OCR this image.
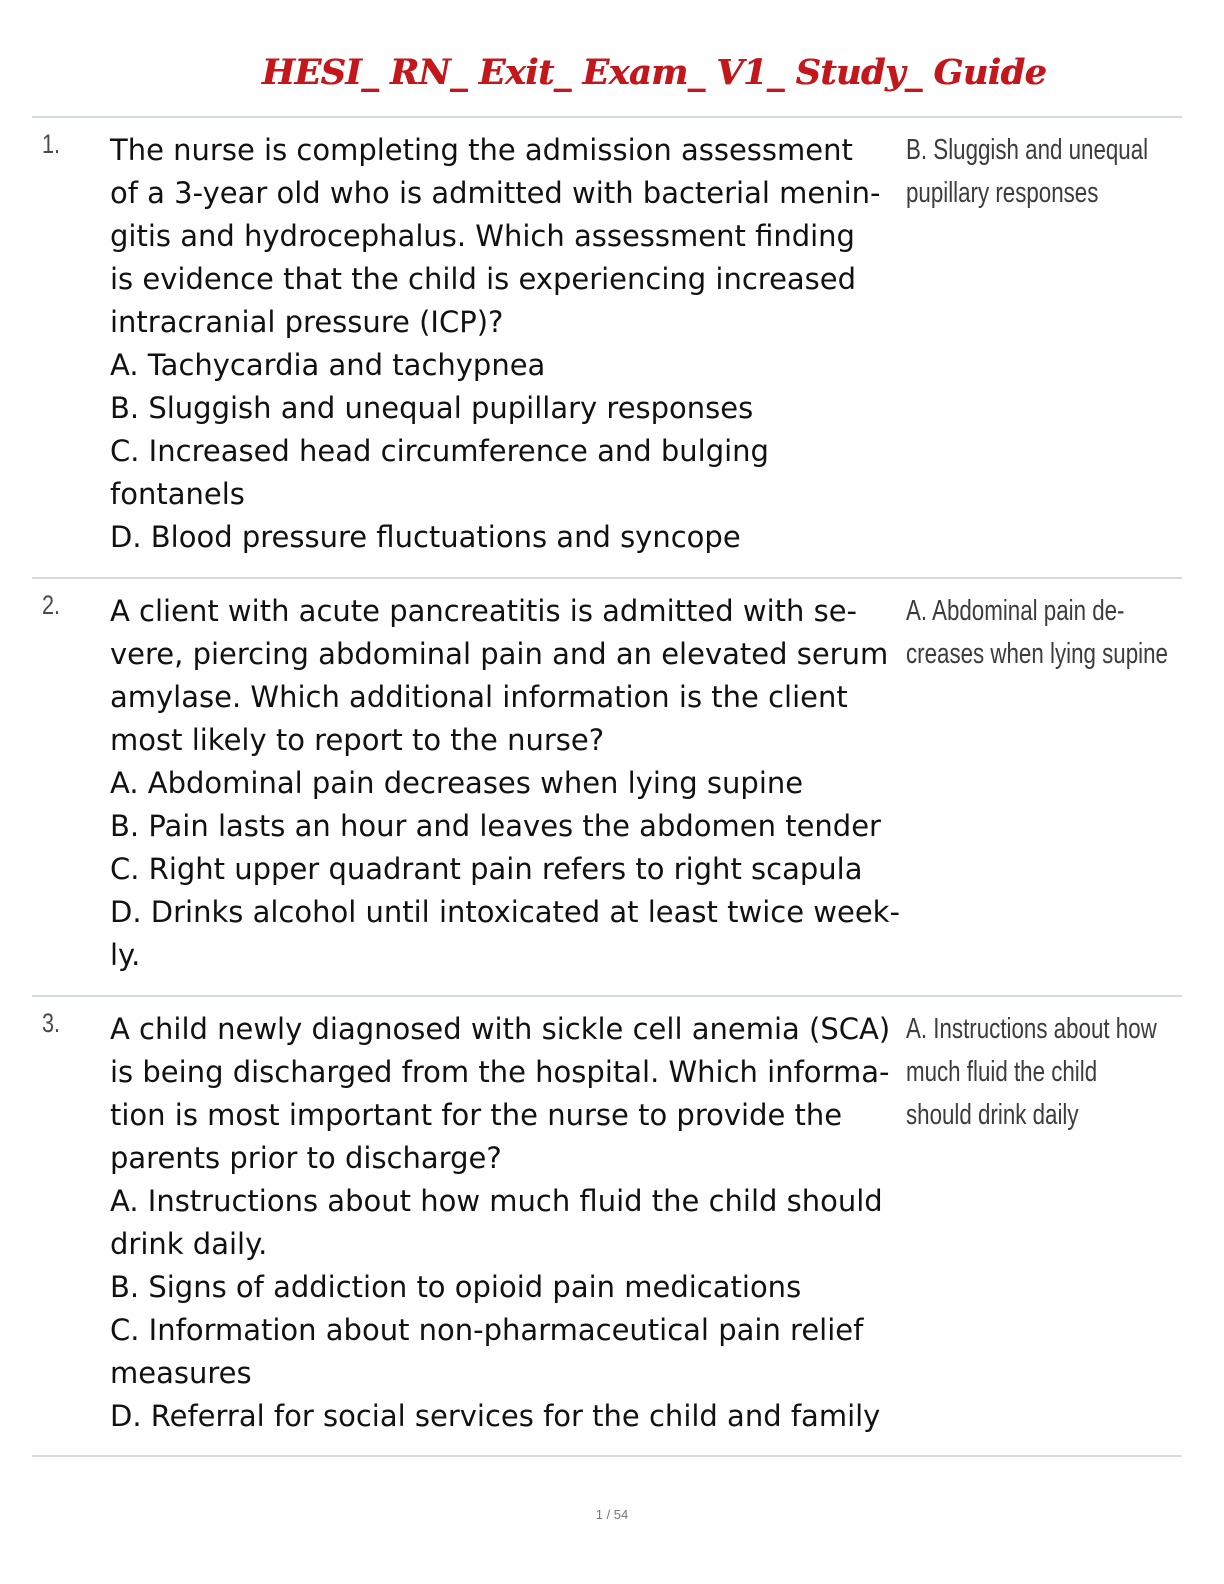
HESI_ RN_ Exit_ Exam_ V1_ Study_ Guide
1. The nurse is completing the admission assessment
of a 3-year old who is admitted with bacterial menin-
gitis and hydrocephalus. Which assessment finding
is evidence that the child is experiencing increased
intracranial pressure (ICP)?
A. Tachycardia and tachypnea
B. Sluggish and unequal pupillary responses
C. Increased head circumference and bulging
fontanels
D. Blood pressure fluctuations and syncope
B. Sluggish and unequal
pupillary responses
2. A client with acute pancreatitis is admitted with se-
vere, piercing abdominal pain and an elevated serum
amylase. Which additional information is the client
most likely to report to the nurse?
A. Abdominal pain decreases when lying supine
B. Pain lasts an hour and leaves the abdomen tender
C. Right upper quadrant pain refers to right scapula
D. Drinks alcohol until intoxicated at least twice week-
ly.
A. Abdominal pain de-
creases when lying supine
3. A child newly diagnosed with sickle cell anemia (SCA)
is being discharged from the hospital. Which informa-
tion is most important for the nurse to provide the
parents prior to discharge?
A. Instructions about how much fluid the child should
drink daily.
B. Signs of addiction to opioid pain medications
C. Information about non-pharmaceutical pain relief
measures
D. Referral for social services for the child and family
A. Instructions about how
much fluid the child
should drink daily
1 / 54
